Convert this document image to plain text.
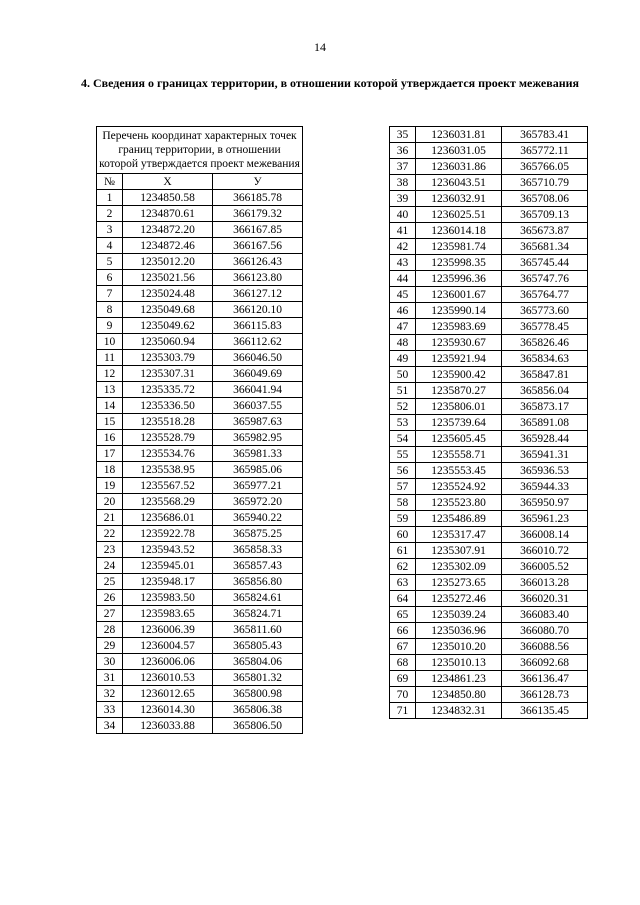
14
4. Сведения о границах территории, в отношении которой утверждается проект межевания
Перечень координат характерных точек границ территории, в отношении которой утверждается проект межевания		
№	X	У
1	1234850.58	366185.78
2	1234870.61	366179.32
3	1234872.20	366167.85
4	1234872.46	366167.56
5	1235012.20	366126.43
6	1235021.56	366123.80
7	1235024.48	366127.12
8	1235049.68	366120.10
9	1235049.62	366115.83
10	1235060.94	366112.62
11	1235303.79	366046.50
12	1235307.31	366049.69
13	1235335.72	366041.94
14	1235336.50	366037.55
15	1235518.28	365987.63
16	1235528.79	365982.95
17	1235534.76	365981.33
18	1235538.95	365985.06
19	1235567.52	365977.21
20	1235568.29	365972.20
21	1235686.01	365940.22
22	1235922.78	365875.25
23	1235943.52	365858.33
24	1235945.01	365857.43
25	1235948.17	365856.80
26	1235983.50	365824.61
27	1235983.65	365824.71
28	1236006.39	365811.60
29	1236004.57	365805.43
30	1236006.06	365804.06
31	1236010.53	365801.32
32	1236012.65	365800.98
33	1236014.30	365806.38
34	1236033.88	365806.50
35	1236031.81	365783.41
36	1236031.05	365772.11
37	1236031.86	365766.05
38	1236043.51	365710.79
39	1236032.91	365708.06
40	1236025.51	365709.13
41	1236014.18	365673.87
42	1235981.74	365681.34
43	1235998.35	365745.44
44	1235996.36	365747.76
45	1236001.67	365764.77
46	1235990.14	365773.60
47	1235983.69	365778.45
48	1235930.67	365826.46
49	1235921.94	365834.63
50	1235900.42	365847.81
51	1235870.27	365856.04
52	1235806.01	365873.17
53	1235739.64	365891.08
54	1235605.45	365928.44
55	1235558.71	365941.31
56	1235553.45	365936.53
57	1235524.92	365944.33
58	1235523.80	365950.97
59	1235486.89	365961.23
60	1235317.47	366008.14
61	1235307.91	366010.72
62	1235302.09	366005.52
63	1235273.65	366013.28
64	1235272.46	366020.31
65	1235039.24	366083.40
66	1235036.96	366080.70
67	1235010.20	366088.56
68	1235010.13	366092.68
69	1234861.23	366136.47
70	1234850.80	366128.73
71	1234832.31	366135.45
